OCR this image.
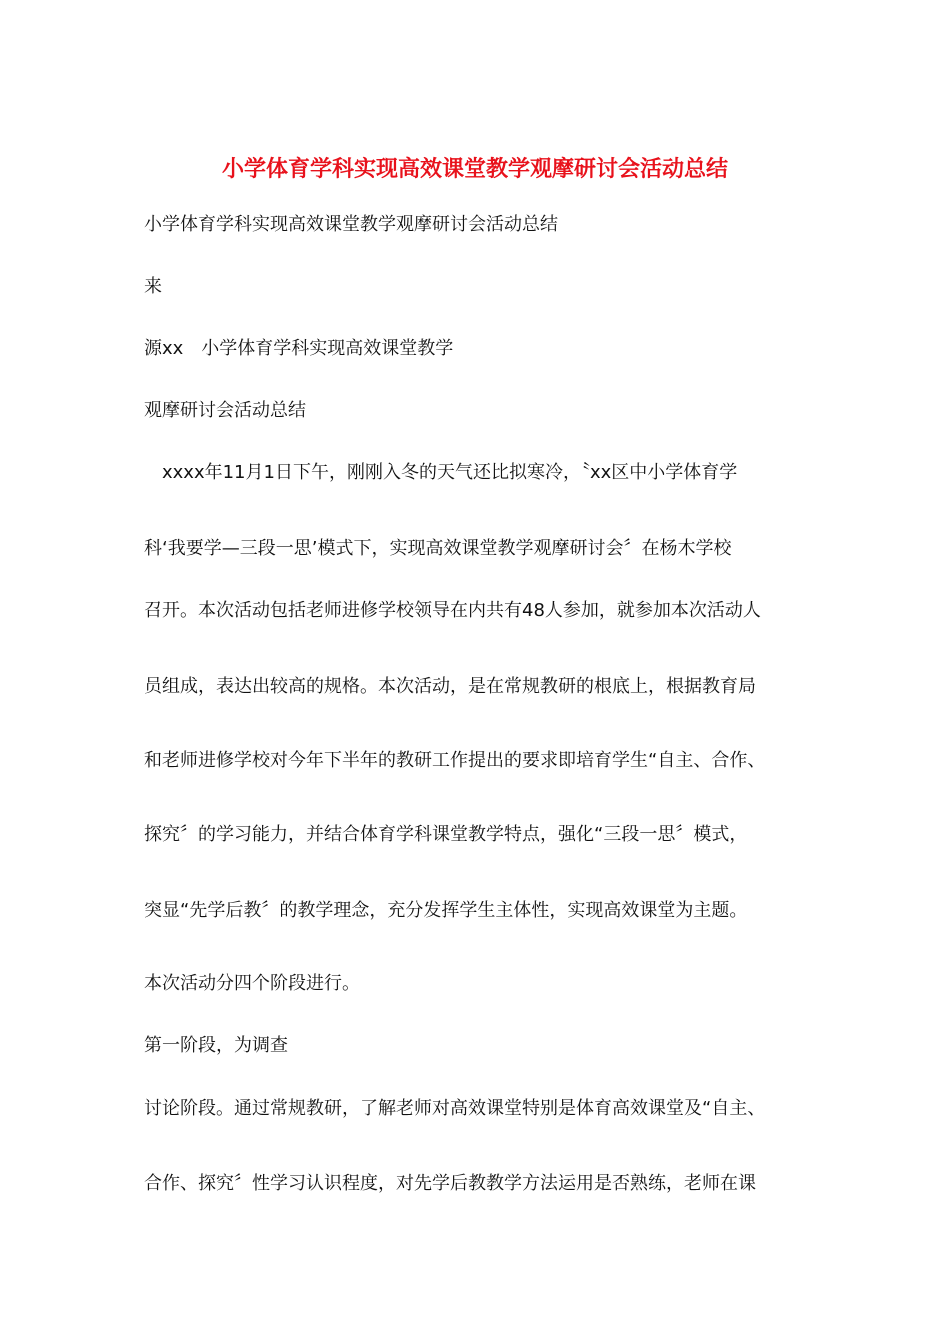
小学体育学科实现高效课堂教学观摩研讨会活动总结
小学体育学科实现高效课堂教学观摩研讨会活动总结
来
源xx　小学体育学科实现高效课堂教学
观摩研讨会活动总结
xxxx年11月1日下午，刚刚入冬的天气还比拟寒冷，〝xx区中小学体育学
科‘我要学—三段一思’模式下，实现高效课堂教学观摩研讨会〞在杨木学校
召开。本次活动包括老师进修学校领导在内共有48人参加，就参加本次活动人
员组成，表达出较高的规格。本次活动，是在常规教研的根底上，根据教育局
和老师进修学校对今年下半年的教研工作提出的要求即培育学生“自主、合作、
探究〞的学习能力，并结合体育学科课堂教学特点，强化“三段一思〞模式，
突显“先学后教〞的教学理念，充分发挥学生主体性，实现高效课堂为主题。
本次活动分四个阶段进行。
第一阶段，为调查
讨论阶段。通过常规教研，了解老师对高效课堂特别是体育高效课堂及“自主、
合作、探究〞性学习认识程度，对先学后教教学方法运用是否熟练，老师在课
